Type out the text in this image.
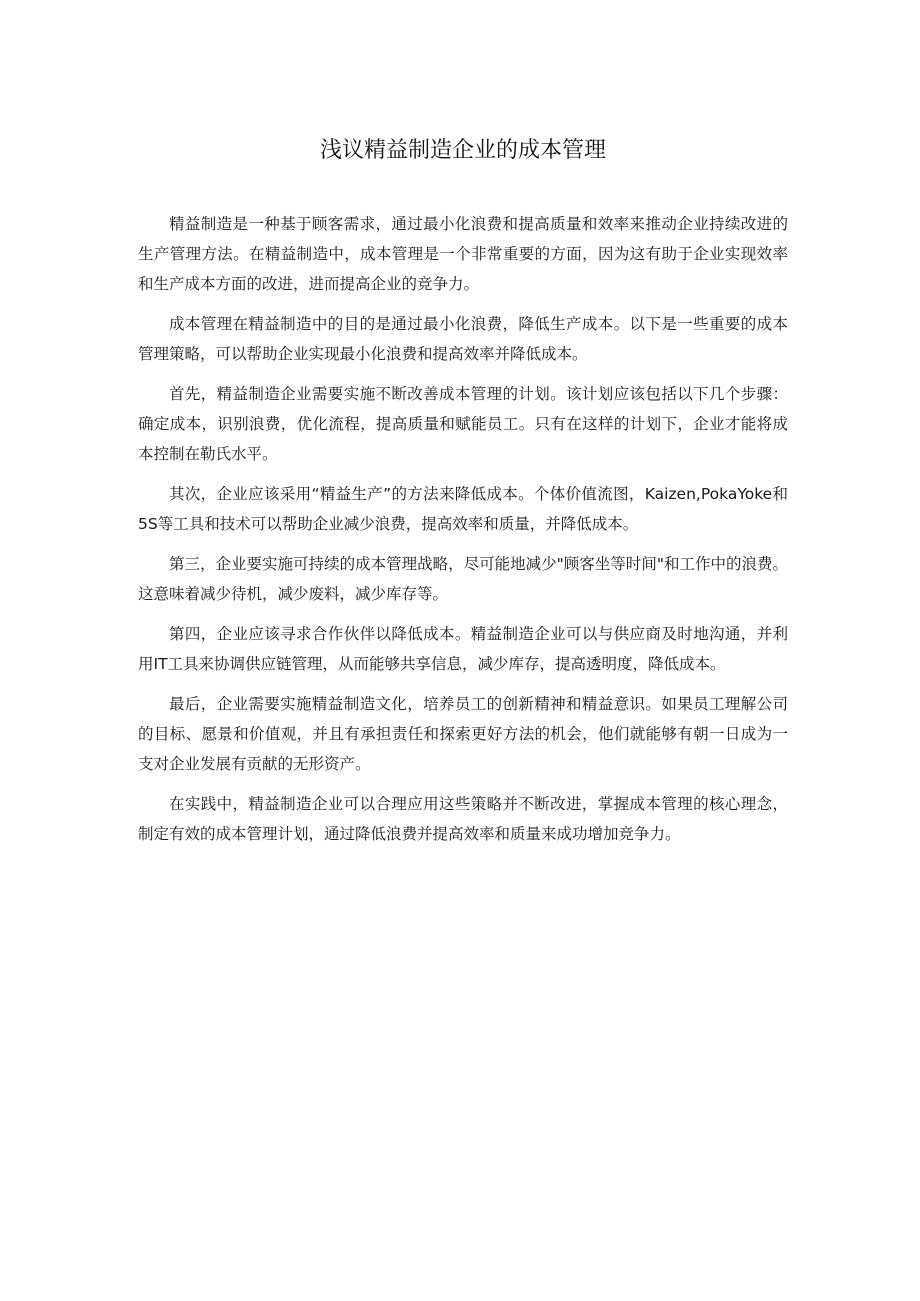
浅议精益制造企业的成本管理

精益制造是一种基于顾客需求，通过最小化浪费和提高质量和效率来推动企业持续改进的生产管理方法。在精益制造中，成本管理是一个非常重要的方面，因为这有助于企业实现效率和生产成本方面的改进，进而提高企业的竞争力。

成本管理在精益制造中的目的是通过最小化浪费，降低生产成本。以下是一些重要的成本管理策略，可以帮助企业实现最小化浪费和提高效率并降低成本。

首先，精益制造企业需要实施不断改善成本管理的计划。该计划应该包括以下几个步骤：确定成本，识别浪费，优化流程，提高质量和赋能员工。只有在这样的计划下，企业才能将成本控制在勒氏水平。

其次，企业应该采用“精益生产”的方法来降低成本。个体价值流图，Kaizen,PokaYoke和5S等工具和技术可以帮助企业减少浪费，提高效率和质量，并降低成本。

第三，企业要实施可持续的成本管理战略，尽可能地减少"顾客坐等时间"和工作中的浪费。这意味着减少待机，减少废料，减少库存等。

第四，企业应该寻求合作伙伴以降低成本。精益制造企业可以与供应商及时地沟通，并利用IT工具来协调供应链管理，从而能够共享信息，减少库存，提高透明度，降低成本。

最后，企业需要实施精益制造文化，培养员工的创新精神和精益意识。如果员工理解公司的目标、愿景和价值观，并且有承担责任和探索更好方法的机会，他们就能够有朝一日成为一支对企业发展有贡献的无形资产。

在实践中，精益制造企业可以合理应用这些策略并不断改进，掌握成本管理的核心理念，制定有效的成本管理计划，通过降低浪费并提高效率和质量来成功增加竞争力。
